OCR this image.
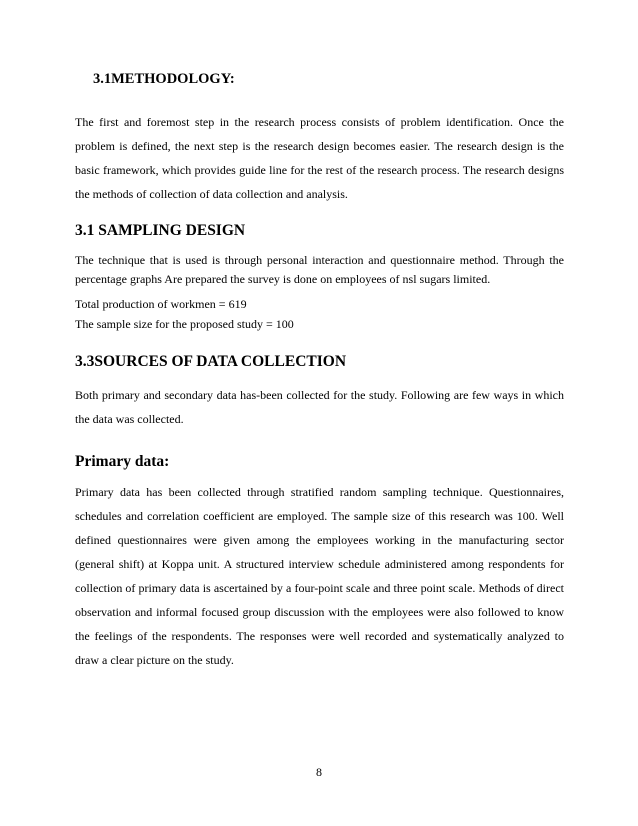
3.1METHODOLOGY:
The first and foremost step in the research process consists of problem identification. Once the problem is defined, the next step is the research design becomes easier. The research design is the basic framework, which provides guide line for the rest of the research process. The research designs the methods of collection of data collection and analysis.
3.1 SAMPLING DESIGN
The technique that is used is through personal interaction and questionnaire method. Through the percentage graphs Are prepared the survey is done on employees of nsl sugars limited.
Total production of workmen = 619
The sample size for the proposed study = 100
3.3SOURCES OF DATA COLLECTION
Both primary and secondary data has-been collected for the study. Following are few ways in which the data was collected.
Primary data:
Primary data has been collected through stratified random sampling technique. Questionnaires, schedules and correlation coefficient are employed. The sample size of this research was 100. Well defined questionnaires were given among the employees working in the manufacturing sector (general shift) at Koppa unit. A structured interview schedule administered among respondents for collection of primary data is ascertained by a four-point scale and three point scale. Methods of direct observation and informal focused group discussion with the employees were also followed to know the feelings of the respondents. The responses were well recorded and systematically analyzed to draw a clear picture on the study.
8
